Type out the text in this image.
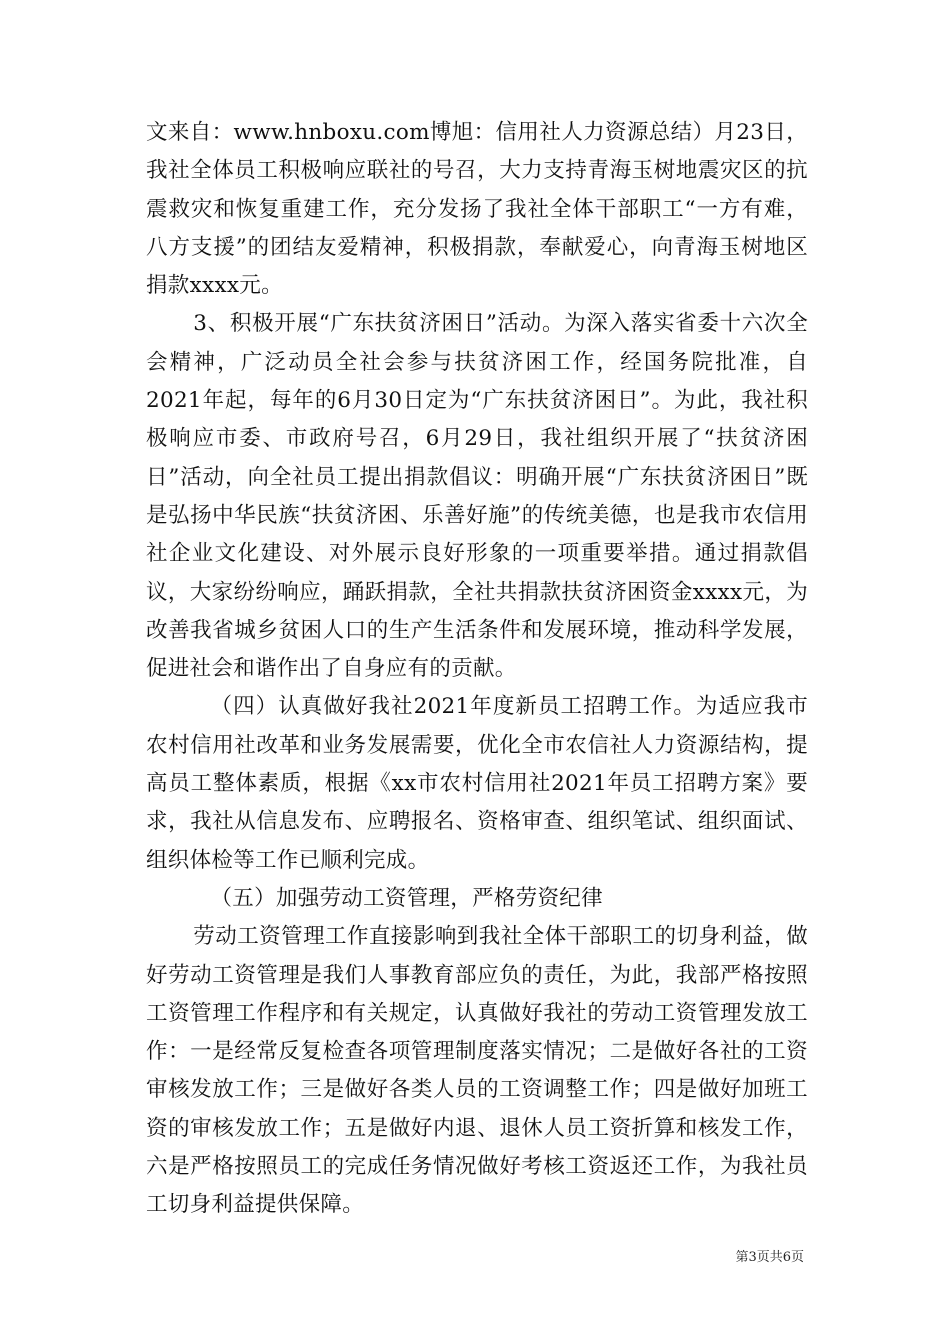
文来自：www.hnboxu.com博旭：信用社人力资源总结）月23日，我社全体员工积极响应联社的号召，大力支持青海玉树地震灾区的抗震救灾和恢复重建工作，充分发扬了我社全体干部职工“一方有难，八方支援”的团结友爱精神，积极捐款，奉献爱心，向青海玉树地区捐款xxxx元。

3、积极开展“广东扶贫济困日”活动。为深入落实省委十六次全会精神，广泛动员全社会参与扶贫济困工作，经国务院批准，自2021年起，每年的6月30日定为“广东扶贫济困日”。为此，我社积极响应市委、市政府号召，6月29日，我社组织开展了“扶贫济困日”活动，向全社员工提出捐款倡议：明确开展“广东扶贫济困日”既是弘扬中华民族“扶贫济困、乐善好施”的传统美德，也是我市农信用社企业文化建设、对外展示良好形象的一项重要举措。通过捐款倡议，大家纷纷响应，踊跃捐款，全社共捐款扶贫济困资金xxxx元，为改善我省城乡贫困人口的生产生活条件和发展环境，推动科学发展，促进社会和谐作出了自身应有的贡献。

（四）认真做好我社2021年度新员工招聘工作。为适应我市农村信用社改革和业务发展需要，优化全市农信社人力资源结构，提高员工整体素质，根据《xx市农村信用社2021年员工招聘方案》要求，我社从信息发布、应聘报名、资格审查、组织笔试、组织面试、组织体检等工作已顺利完成。

（五）加强劳动工资管理，严格劳资纪律

劳动工资管理工作直接影响到我社全体干部职工的切身利益，做好劳动工资管理是我们人事教育部应负的责任，为此，我部严格按照工资管理工作程序和有关规定，认真做好我社的劳动工资管理发放工作：一是经常反复检查各项管理制度落实情况；二是做好各社的工资审核发放工作；三是做好各类人员的工资调整工作；四是做好加班工资的审核发放工作；五是做好内退、退休人员工资折算和核发工作，六是严格按照员工的完成任务情况做好考核工资返还工作，为我社员工切身利益提供保障。

第3页共6页
